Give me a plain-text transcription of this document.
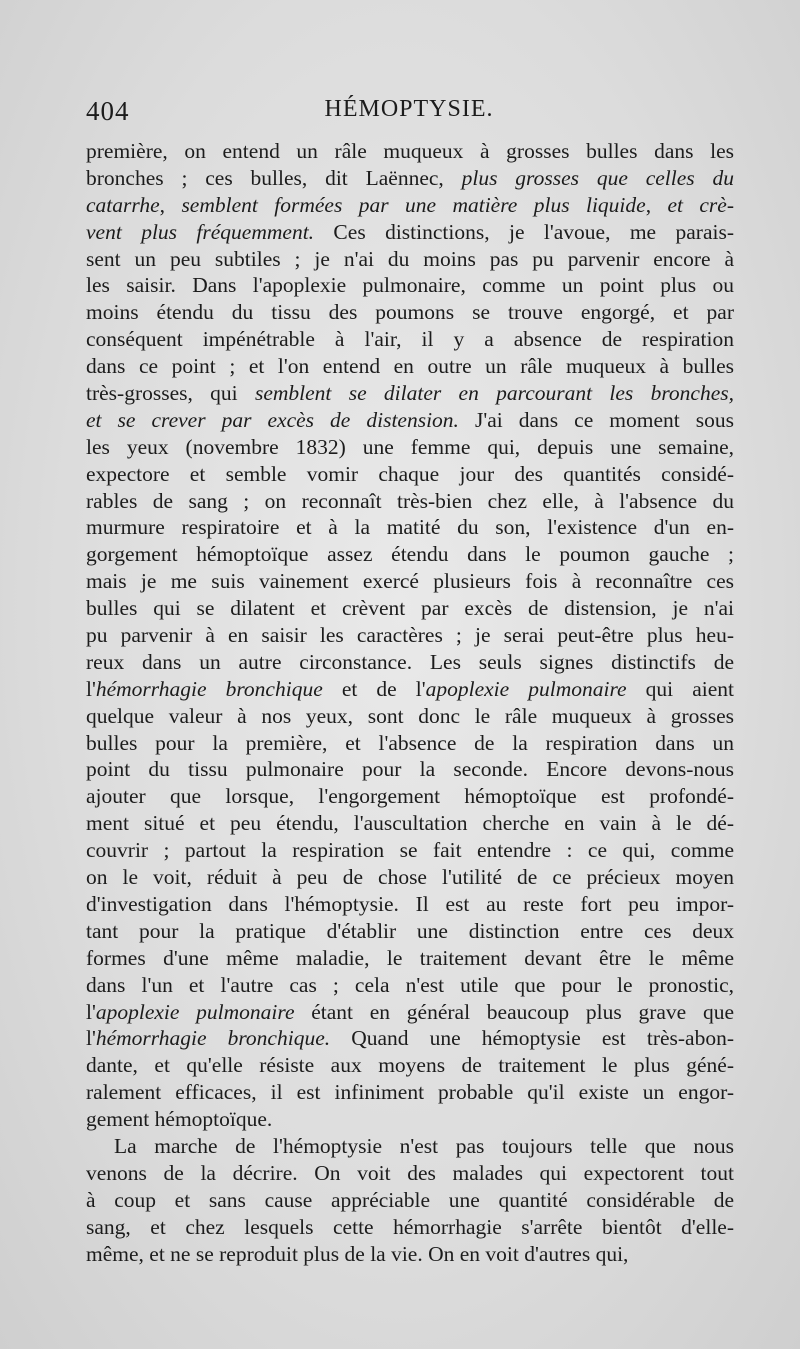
404	HÉMOPTYSIE.
première, on entend un râle muqueux à grosses bulles dans les
bronches ; ces bulles, dit Laënnec, plus grosses que celles du
catarrhe, semblent formées par une matière plus liquide, et crè-
vent plus fréquemment. Ces distinctions, je l'avoue, me parais-
sent un peu subtiles ; je n'ai du moins pas pu parvenir encore à
les saisir. Dans l'apoplexie pulmonaire, comme un point plus ou
moins étendu du tissu des poumons se trouve engorgé, et par
conséquent impénétrable à l'air, il y a absence de respiration
dans ce point ; et l'on entend en outre un râle muqueux à bulles
très-grosses, qui semblent se dilater en parcourant les bronches,
et se crever par excès de distension. J'ai dans ce moment sous
les yeux (novembre 1832) une femme qui, depuis une semaine,
expectore et semble vomir chaque jour des quantités considé-
rables de sang ; on reconnaît très-bien chez elle, à l'absence du
murmure respiratoire et à la matité du son, l'existence d'un en-
gorgement hémoptoïque assez étendu dans le poumon gauche ;
mais je me suis vainement exercé plusieurs fois à reconnaître ces
bulles qui se dilatent et crèvent par excès de distension, je n'ai
pu parvenir à en saisir les caractères ; je serai peut-être plus heu-
reux dans un autre circonstance. Les seuls signes distinctifs de
l'hémorrhagie bronchique et de l'apoplexie pulmonaire qui aient
quelque valeur à nos yeux, sont donc le râle muqueux à grosses
bulles pour la première, et l'absence de la respiration dans un
point du tissu pulmonaire pour la seconde. Encore devons-nous
ajouter que lorsque, l'engorgement hémoptoïque est profondé-
ment situé et peu étendu, l'auscultation cherche en vain à le dé-
couvrir ; partout la respiration se fait entendre : ce qui, comme
on le voit, réduit à peu de chose l'utilité de ce précieux moyen
d'investigation dans l'hémoptysie. Il est au reste fort peu impor-
tant pour la pratique d'établir une distinction entre ces deux
formes d'une même maladie, le traitement devant être le même
dans l'un et l'autre cas ; cela n'est utile que pour le pronostic,
l'apoplexie pulmonaire étant en général beaucoup plus grave que
l'hémorrhagie bronchique. Quand une hémoptysie est très-abon-
dante, et qu'elle résiste aux moyens de traitement le plus géné-
ralement efficaces, il est infiniment probable qu'il existe un engor-
gement hémoptoïque.
La marche de l'hémoptysie n'est pas toujours telle que nous
venons de la décrire. On voit des malades qui expectorent tout
à coup et sans cause appréciable une quantité considérable de
sang, et chez lesquels cette hémorrhagie s'arrête bientôt d'elle-
même, et ne se reproduit plus de la vie. On en voit d'autres qui,
